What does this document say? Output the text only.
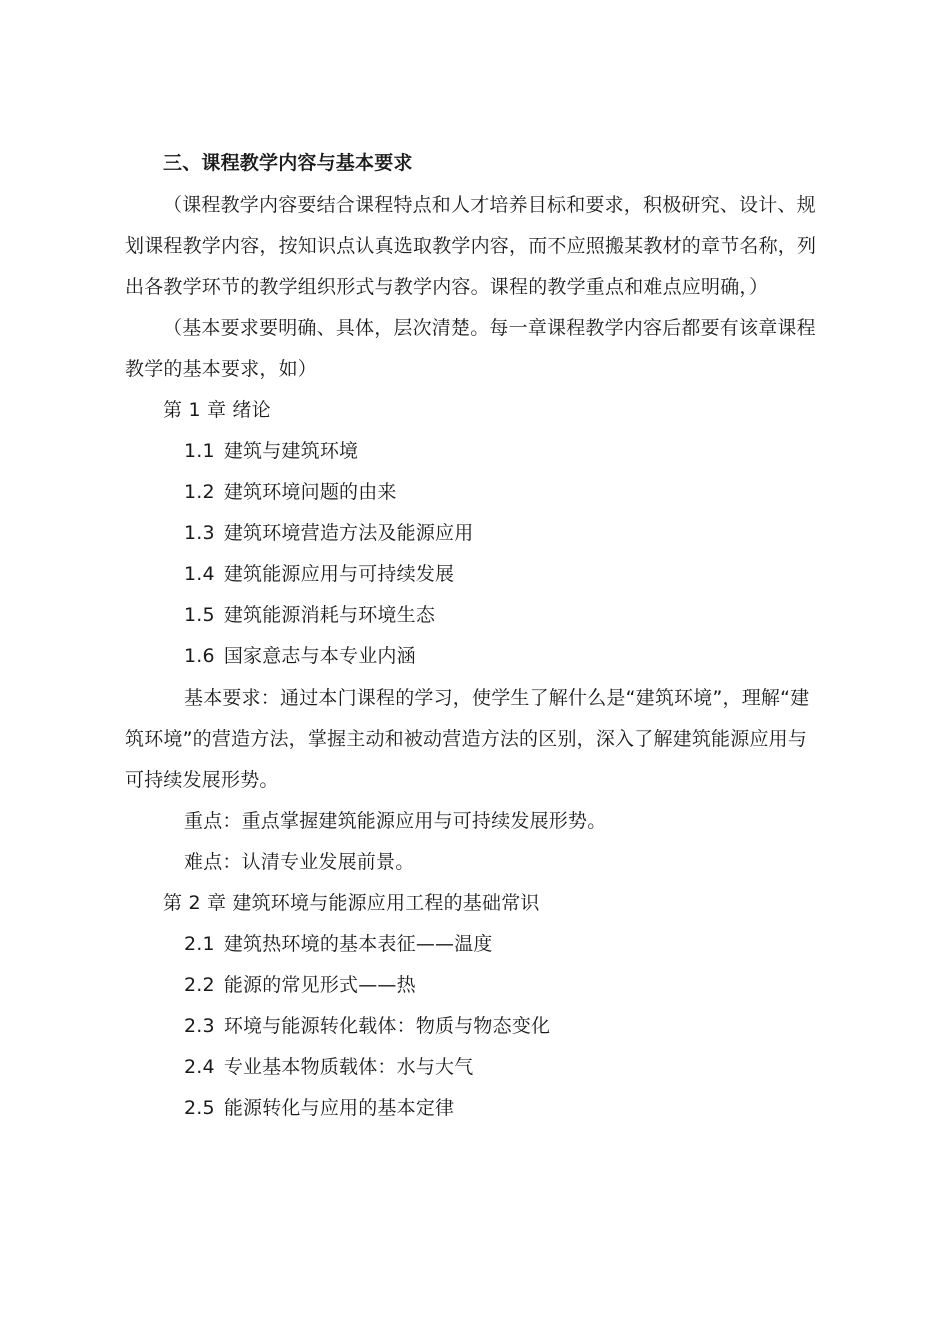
三、课程教学内容与基本要求
（课程教学内容要结合课程特点和人才培养目标和要求，积极研究、设计、规
划课程教学内容，按知识点认真选取教学内容，而不应照搬某教材的章节名称，列
出各教学环节的教学组织形式与教学内容。课程的教学重点和难点应明确，）
（基本要求要明确、具体，层次清楚。每一章课程教学内容后都要有该章课程
教学的基本要求，如）
第 1 章 绪论
1.1 建筑与建筑环境
1.2 建筑环境问题的由来
1.3 建筑环境营造方法及能源应用
1.4 建筑能源应用与可持续发展
1.5 建筑能源消耗与环境生态
1.6 国家意志与本专业内涵
基本要求：通过本门课程的学习，使学生了解什么是“建筑环境”，理解“建
筑环境”的营造方法，掌握主动和被动营造方法的区别，深入了解建筑能源应用与
可持续发展形势。
重点：重点掌握建筑能源应用与可持续发展形势。
难点：认清专业发展前景。
第 2 章 建筑环境与能源应用工程的基础常识
2.1 建筑热环境的基本表征——温度
2.2 能源的常见形式——热
2.3 环境与能源转化载体：物质与物态变化
2.4 专业基本物质载体：水与大气
2.5 能源转化与应用的基本定律
